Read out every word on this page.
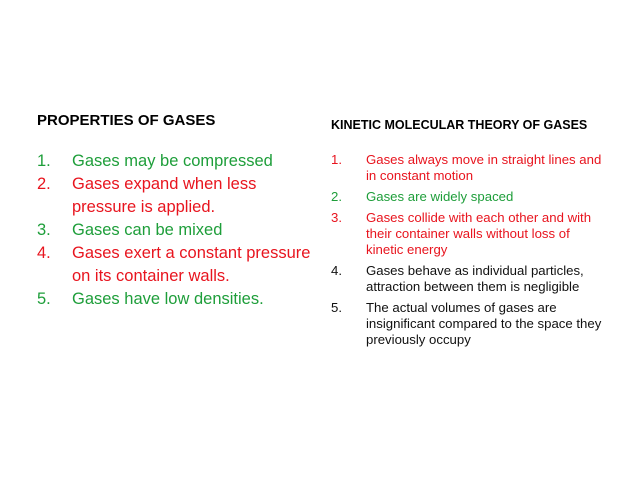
PROPERTIES OF GASES
1.	Gases may be compressed
2.	Gases expand when less pressure is applied.
3.	Gases can be mixed
4.	Gases exert a constant pressure on its container walls.
5.	Gases have low densities.
KINETIC MOLECULAR THEORY OF GASES
1.	Gases always move in straight lines and in constant motion
2.	Gases are widely spaced
3.	Gases collide with each other and with their container walls without loss of kinetic energy
4.	Gases behave as individual particles, attraction between them is negligible
5.	The actual volumes of gases are insignificant compared to the space they previously occupy
